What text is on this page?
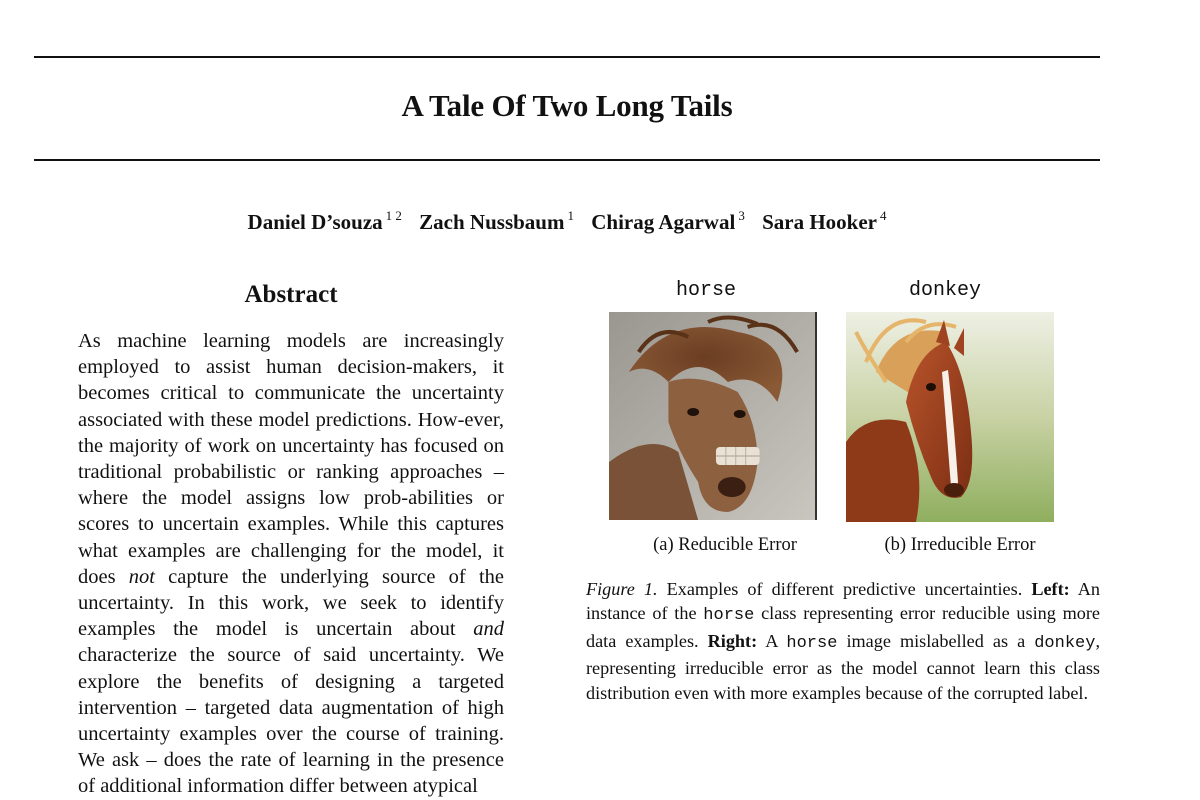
A Tale Of Two Long Tails
Daniel D’souza $^{1 2}$ Zach Nussbaum $^1$ Chirag Agarwal $^3$ Sara Hooker $^4$
Abstract
As machine learning models are increasingly employed to assist human decision-makers, it becomes critical to communicate the uncertainty associated with these model predictions. How-ever, the majority of work on uncertainty has focused on traditional probabilistic or ranking approaches – where the model assigns low prob-abilities or scores to uncertain examples. While this captures what examples are challenging for the model, it does not capture the underlying source of the uncertainty. In this work, we seek to identify examples the model is uncertain about and characterize the source of said uncertainty. We explore the benefits of designing a targeted intervention – targeted data augmentation of high uncertainty examples over the course of training. We ask – does the rate of learning in the presence of additional information differ between atypical
horse	donkey
(a) Reducible Error	(b) Irreducible Error
Figure 1. Examples of different predictive uncertainties. Left: An instance of the horse class representing error reducible using more data examples. Right: A horse image mislabelled as a donkey, representing irreducible error as the model cannot learn this class distribution even with more examples because of the corrupted label.
